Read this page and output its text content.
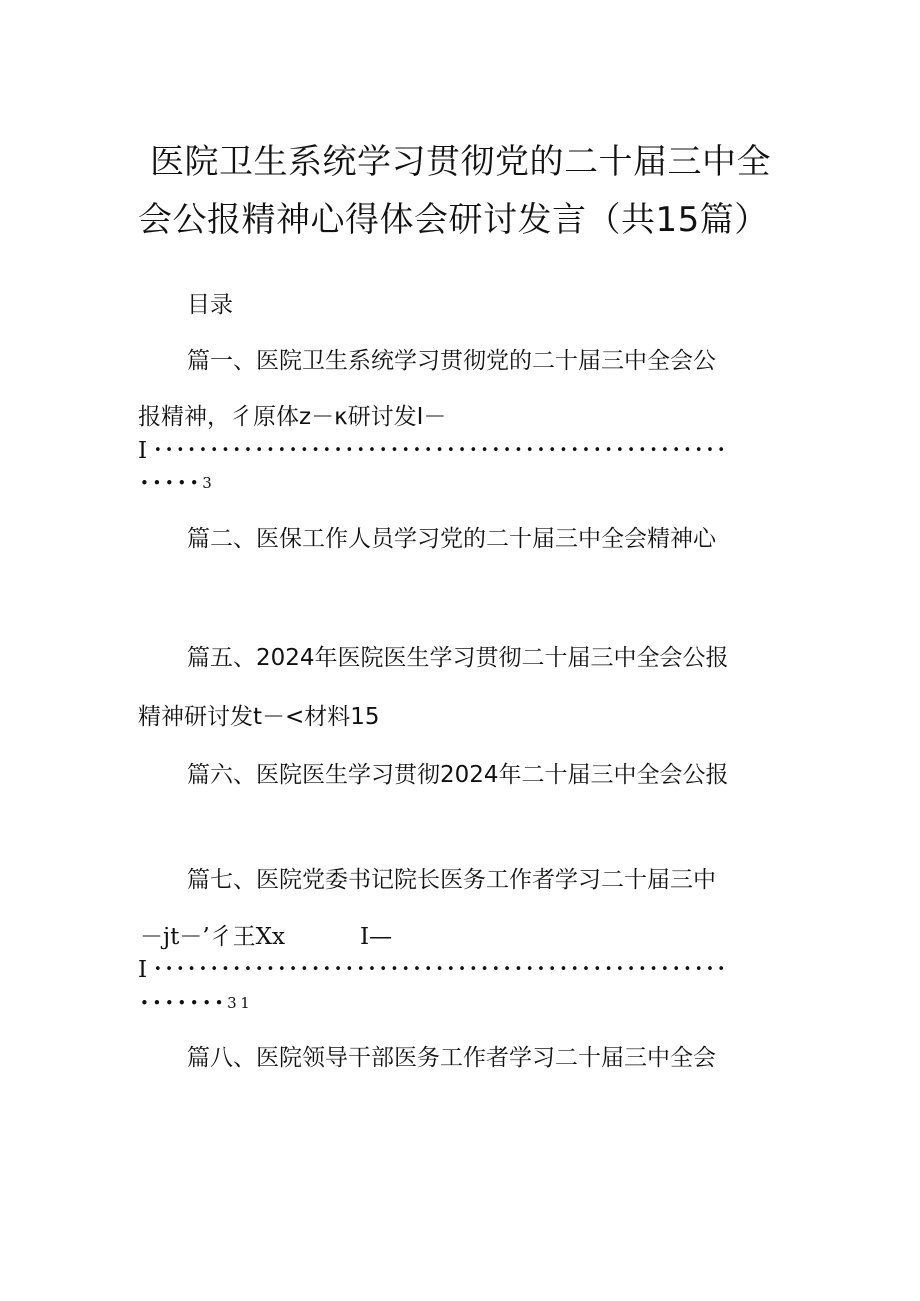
医院卫生系统学习贯彻党的二十届三中全
会公报精神心得体会研讨发言（共15篇）
目录
篇一、医院卫生系统学习贯彻党的二十届三中全会公
报精神，彳原体z－κ研讨发I－
I •••••••••••••••••••••••••••••••••••••••••••••••••••
•••••3
篇二、医保工作人员学习党的二十届三中全会精神心
篇五、2024年医院医生学习贯彻二十届三中全会公报
精神研讨发t－<材料15
篇六、医院医生学习贯彻2024年二十届三中全会公报
篇七、医院党委书记院长医务工作者学习二十届三中
－jt－’彳王Xx	I—
I •••••••••••••••••••••••••••••••••••••••••••••••••••
•••••••31
篇八、医院领导干部医务工作者学习二十届三中全会
